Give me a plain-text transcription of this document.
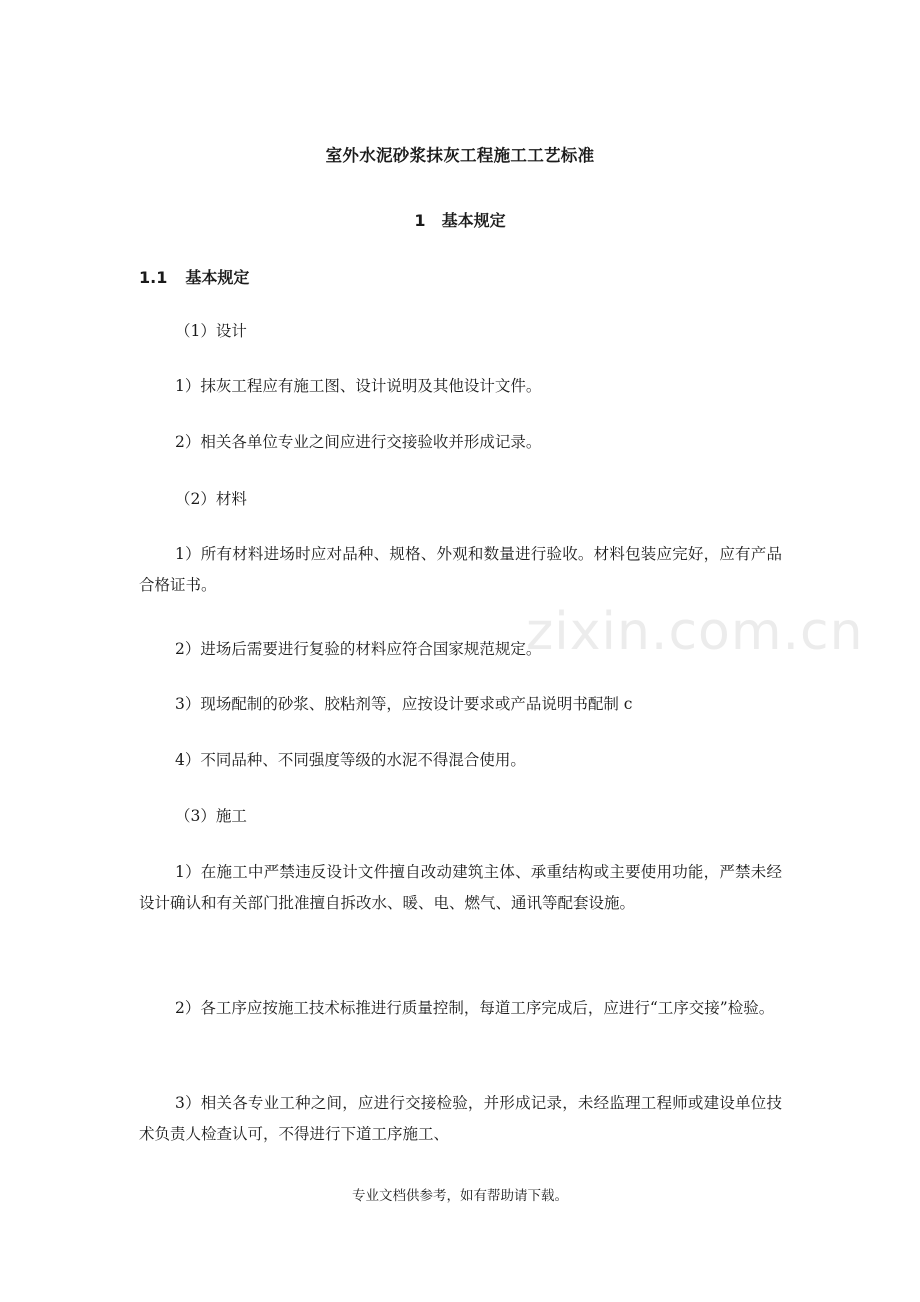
zixin.com.cn
室外水泥砂浆抹灰工程施工工艺标准
1 基本规定
1.1 基本规定
（1）设计
1）抹灰工程应有施工图、设计说明及其他设计文件。
2）相关各单位专业之间应进行交接验收并形成记录。
（2）材料
1）所有材料进场时应对品种、规格、外观和数量进行验收。材料包装应完好，应有产品合格证书。
2）进场后需要进行复验的材料应符合国家规范规定。
3）现场配制的砂浆、胶粘剂等，应按设计要求或产品说明书配制 c
4）不同品种、不同强度等级的水泥不得混合使用。
（3）施工
1）在施工中严禁违反设计文件擅自改动建筑主体、承重结构或主要使用功能，严禁未经设计确认和有关部门批准擅自拆改水、暖、电、燃气、通讯等配套设施。
2）各工序应按施工技术标推进行质量控制，每道工序完成后，应进行“工序交接”检验。
3）相关各专业工种之间，应进行交接检验，并形成记录，未经监理工程师或建设单位技术负责人检查认可，不得进行下道工序施工、
专业文档供参考，如有帮助请下载。
